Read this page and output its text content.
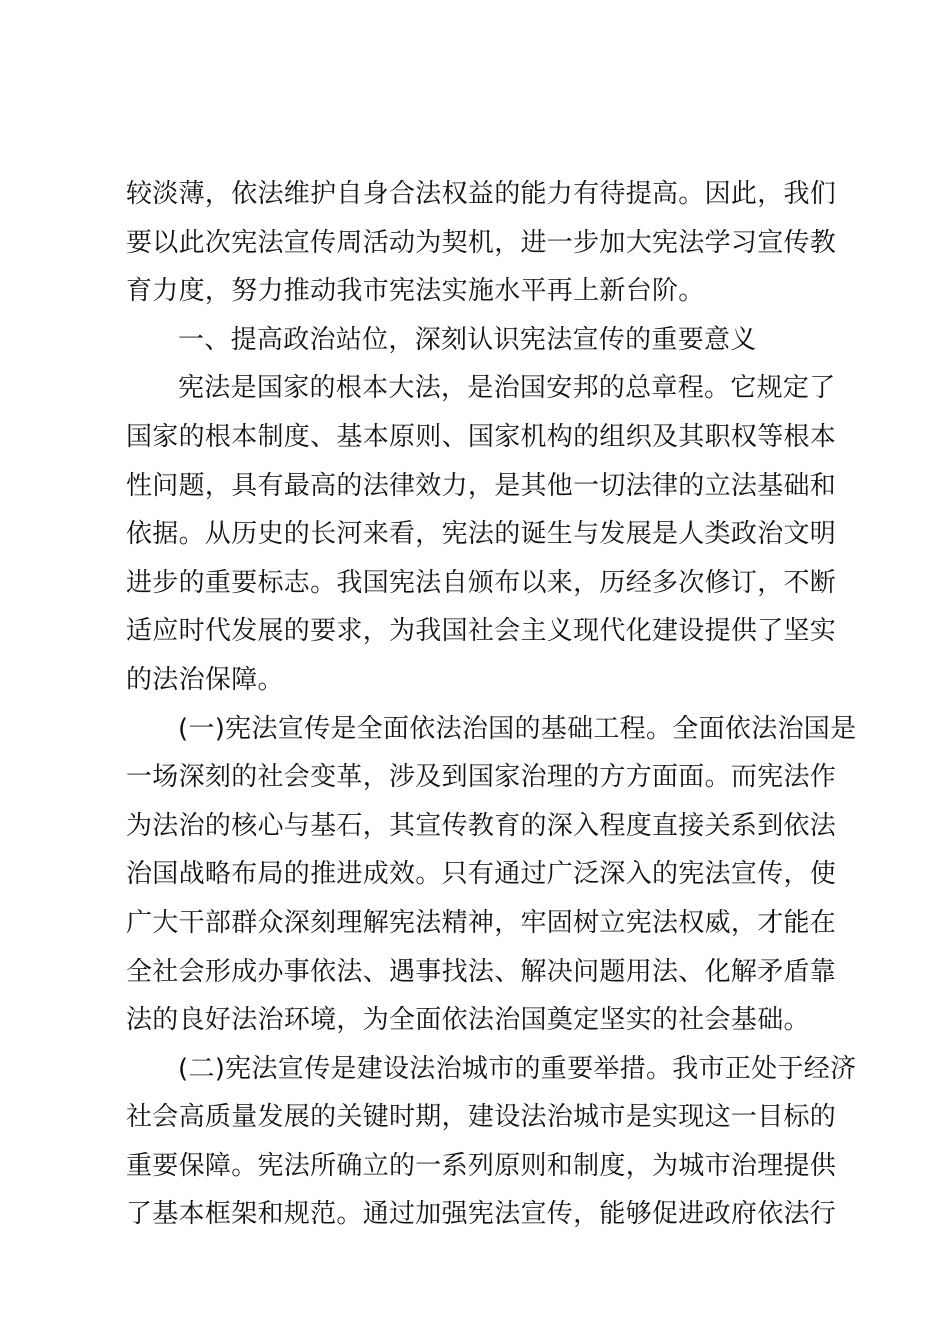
较淡薄，依法维护自身合法权益的能力有待提高。因此，我们
要以此次宪法宣传周活动为契机，进一步加大宪法学习宣传教
育力度，努力推动我市宪法实施水平再上新台阶。
一、提高政治站位，深刻认识宪法宣传的重要意义
宪法是国家的根本大法，是治国安邦的总章程。它规定了
国家的根本制度、基本原则、国家机构的组织及其职权等根本
性问题，具有最高的法律效力，是其他一切法律的立法基础和
依据。从历史的长河来看，宪法的诞生与发展是人类政治文明
进步的重要标志。我国宪法自颁布以来，历经多次修订，不断
适应时代发展的要求，为我国社会主义现代化建设提供了坚实
的法治保障。
(一)宪法宣传是全面依法治国的基础工程。全面依法治国是
一场深刻的社会变革，涉及到国家治理的方方面面。而宪法作
为法治的核心与基石，其宣传教育的深入程度直接关系到依法
治国战略布局的推进成效。只有通过广泛深入的宪法宣传，使
广大干部群众深刻理解宪法精神，牢固树立宪法权威，才能在
全社会形成办事依法、遇事找法、解决问题用法、化解矛盾靠
法的良好法治环境，为全面依法治国奠定坚实的社会基础。
(二)宪法宣传是建设法治城市的重要举措。我市正处于经济
社会高质量发展的关键时期，建设法治城市是实现这一目标的
重要保障。宪法所确立的一系列原则和制度，为城市治理提供
了基本框架和规范。通过加强宪法宣传，能够促进政府依法行
